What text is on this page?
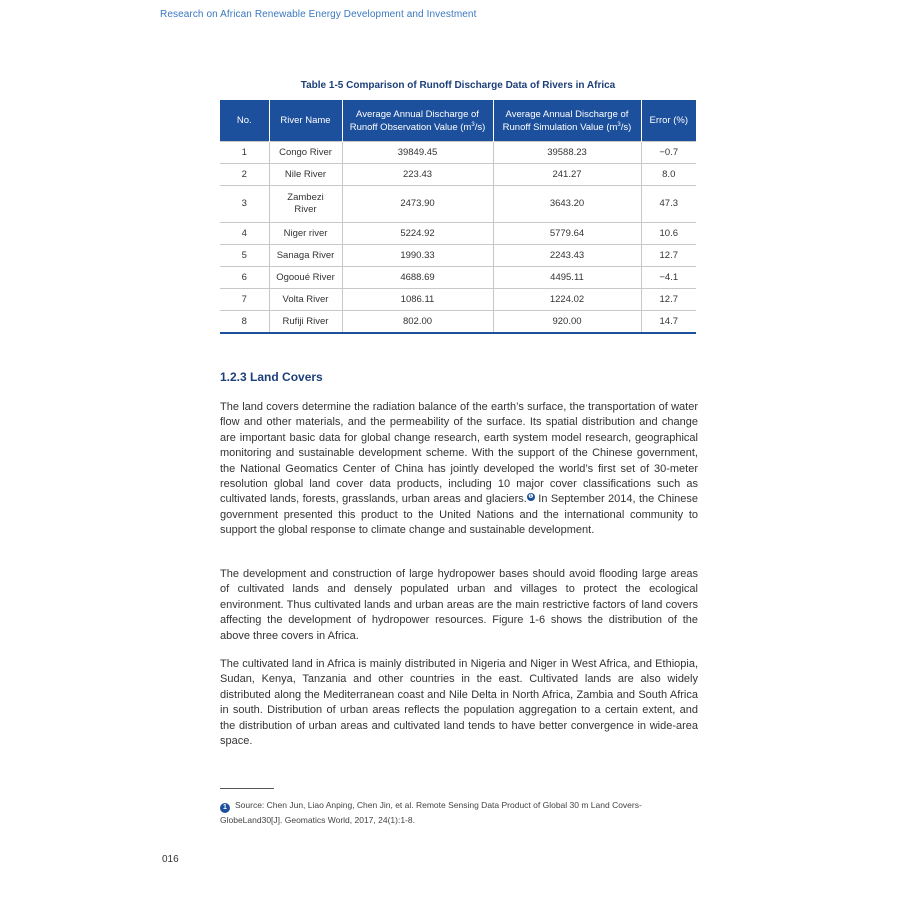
Research on African Renewable Energy Development and Investment
Table 1-5 Comparison of Runoff Discharge Data of Rivers in Africa
No.	River Name	Average Annual Discharge of Runoff Observation Value $(m^3/s)$	Average Annual Discharge of Runoff Simulation Value $(m^3/s)$	Error (%)
1	Congo River	39849.45	39588.23	−0.7
2	Nile River	223.43	241.27	8.0
3	Zambezi River	2473.90	3643.20	47.3
4	Niger river	5224.92	5779.64	10.6
5	Sanaga River	1990.33	2243.43	12.7
6	Ogooué River	4688.69	4495.11	−4.1
7	Volta River	1086.11	1224.02	12.7
8	Rufiji River	802.00	920.00	14.7
1.2.3 Land Covers

The land covers determine the radiation balance of the earth’s surface, the transportation of water flow and other materials, and the permeability of the surface. Its spatial distribution and change are important basic data for global change research, earth system model research, geographical monitoring and sustainable development scheme. With the support of the Chinese government, the National Geomatics Center of China has jointly developed the world’s first set of 30-meter resolution global land cover data products, including 10 major cover classifications such as cultivated lands, forests, grasslands, urban areas and glaciers.❶ In September 2014, the Chinese government presented this product to the United Nations and the international community to support the global response to climate change and sustainable development.

The development and construction of large hydropower bases should avoid flooding large areas of cultivated lands and densely populated urban and villages to protect the ecological environment. Thus cultivated lands and urban areas are the main restrictive factors of land covers affecting the development of hydropower resources. Figure 1-6 shows the distribution of the above three covers in Africa.

The cultivated land in Africa is mainly distributed in Nigeria and Niger in West Africa, and Ethiopia, Sudan, Kenya, Tanzania and other countries in the east. Cultivated lands are also widely distributed along the Mediterranean coast and Nile Delta in North Africa, Zambia and South Africa in south. Distribution of urban areas reflects the population aggregation to a certain extent, and the distribution of urban areas and cultivated land tends to have better convergence in wide-area space.

1 Source: Chen Jun, Liao Anping, Chen Jin, et al. Remote Sensing Data Product of Global 30 m Land Covers-GlobeLand30[J]. Geomatics World, 2017, 24(1):1-8.
016
